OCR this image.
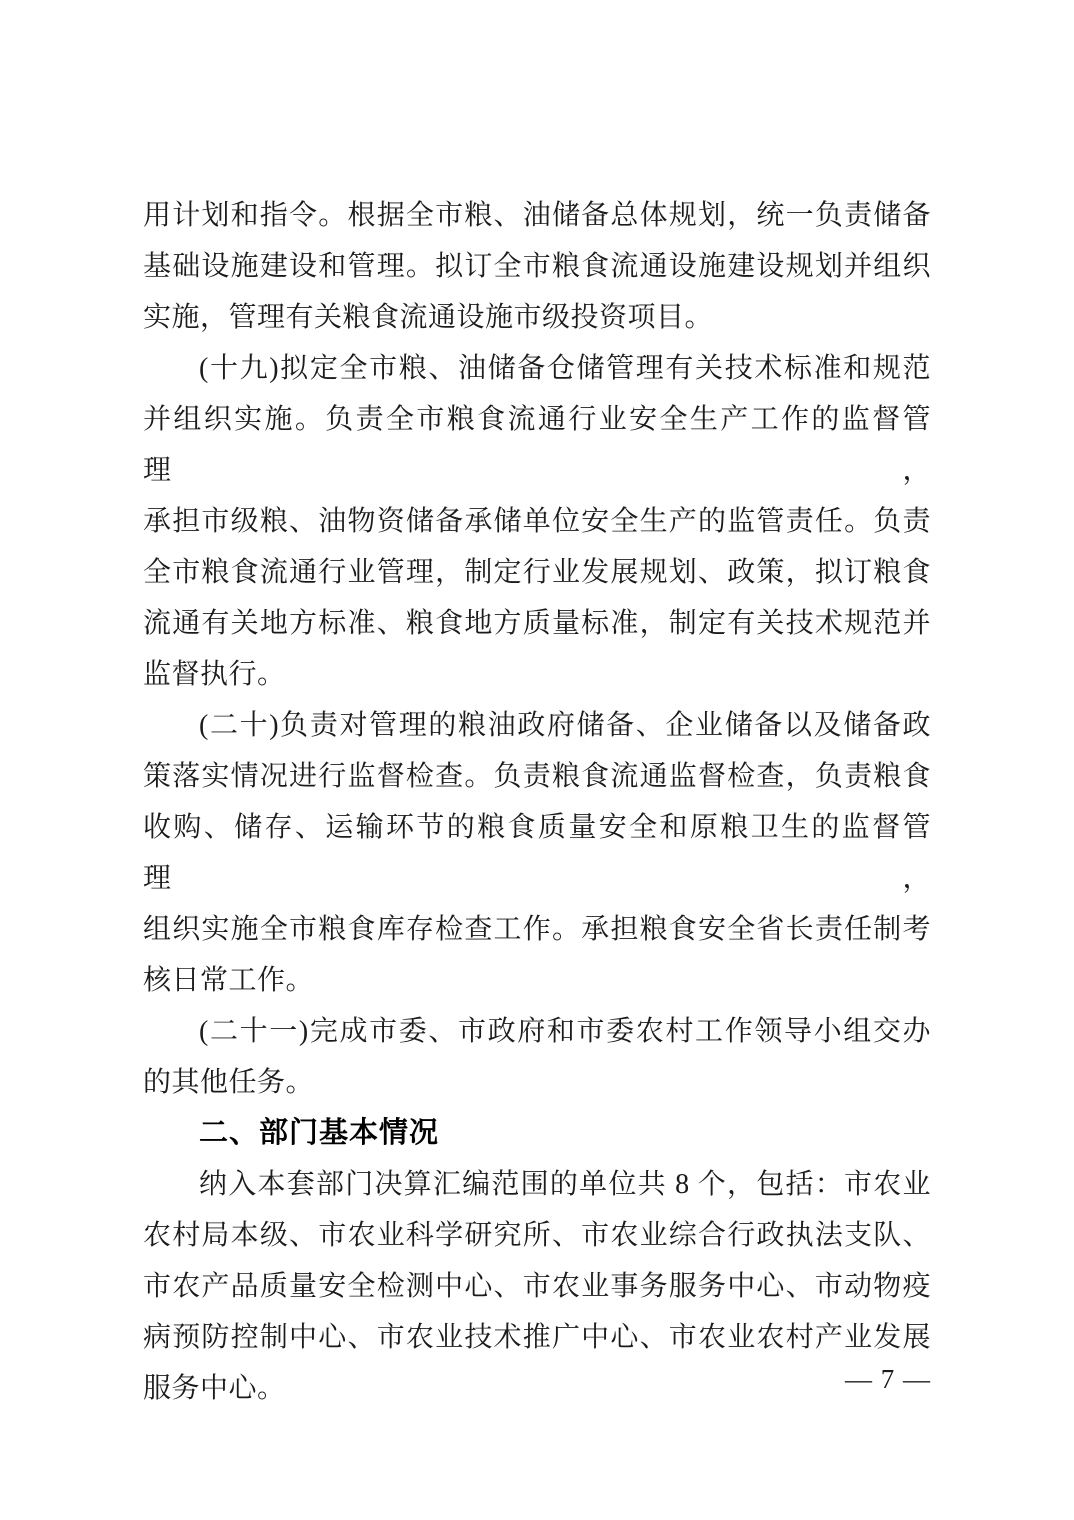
用计划和指令。根据全市粮、油储备总体规划，统一负责储备
基础设施建设和管理。拟订全市粮食流通设施建设规划并组织
实施，管理有关粮食流通设施市级投资项目。
(十九)拟定全市粮、油储备仓储管理有关技术标准和规范
并组织实施。负责全市粮食流通行业安全生产工作的监督管理，
承担市级粮、油物资储备承储单位安全生产的监管责任。负责
全市粮食流通行业管理，制定行业发展规划、政策，拟订粮食
流通有关地方标准、粮食地方质量标准，制定有关技术规范并
监督执行。
(二十)负责对管理的粮油政府储备、企业储备以及储备政
策落实情况进行监督检查。负责粮食流通监督检查，负责粮食
收购、储存、运输环节的粮食质量安全和原粮卫生的监督管理，
组织实施全市粮食库存检查工作。承担粮食安全省长责任制考
核日常工作。
(二十一)完成市委、市政府和市委农村工作领导小组交办
的其他任务。
二、部门基本情况
纳入本套部门决算汇编范围的单位共 8 个，包括：市农业
农村局本级、市农业科学研究所、市农业综合行政执法支队、
市农产品质量安全检测中心、市农业事务服务中心、市动物疫
病预防控制中心、市农业技术推广中心、市农业农村产业发展
服务中心。	— 7 —
